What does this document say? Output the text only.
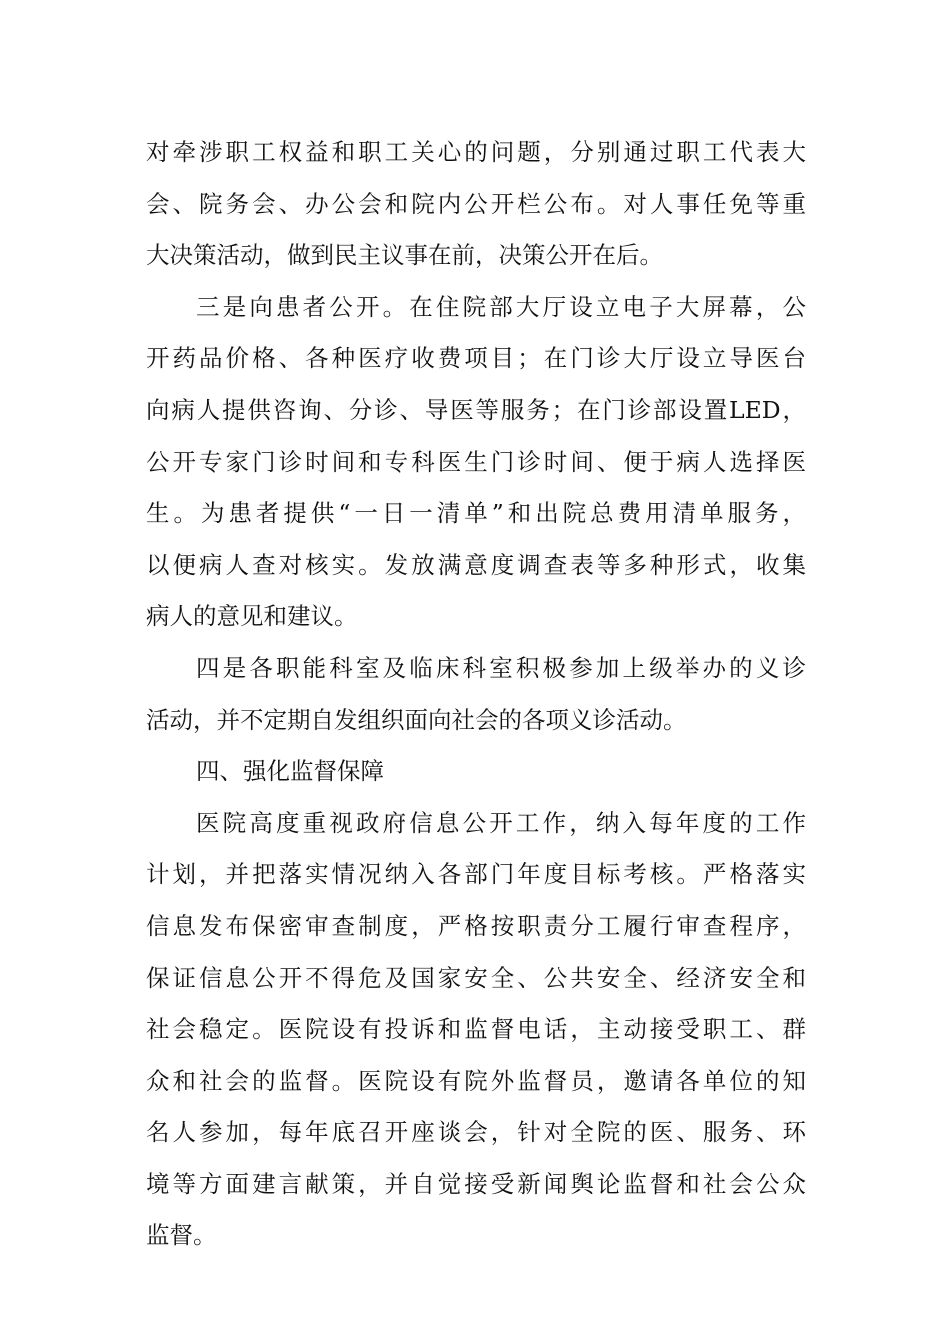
对牵涉职工权益和职工关心的问题，分别通过职工代表大
会、院务会、办公会和院内公开栏公布。对人事任免等重
大决策活动，做到民主议事在前，决策公开在后。
三是向患者公开。在住院部大厅设立电子大屏幕，公
开药品价格、各种医疗收费项目；在门诊大厅设立导医台
向病人提供咨询、分诊、导医等服务；在门诊部设置LED，
公开专家门诊时间和专科医生门诊时间、便于病人选择医
生。为患者提供“一日一清单”和出院总费用清单服务，
以便病人查对核实。发放满意度调查表等多种形式，收集
病人的意见和建议。
四是各职能科室及临床科室积极参加上级举办的义诊
活动，并不定期自发组织面向社会的各项义诊活动。
四、强化监督保障
医院高度重视政府信息公开工作，纳入每年度的工作
计划，并把落实情况纳入各部门年度目标考核。严格落实
信息发布保密审查制度，严格按职责分工履行审查程序，
保证信息公开不得危及国家安全、公共安全、经济安全和
社会稳定。医院设有投诉和监督电话，主动接受职工、群
众和社会的监督。医院设有院外监督员，邀请各单位的知
名人参加，每年底召开座谈会，针对全院的医、服务、环
境等方面建言献策，并自觉接受新闻舆论监督和社会公众
监督。
